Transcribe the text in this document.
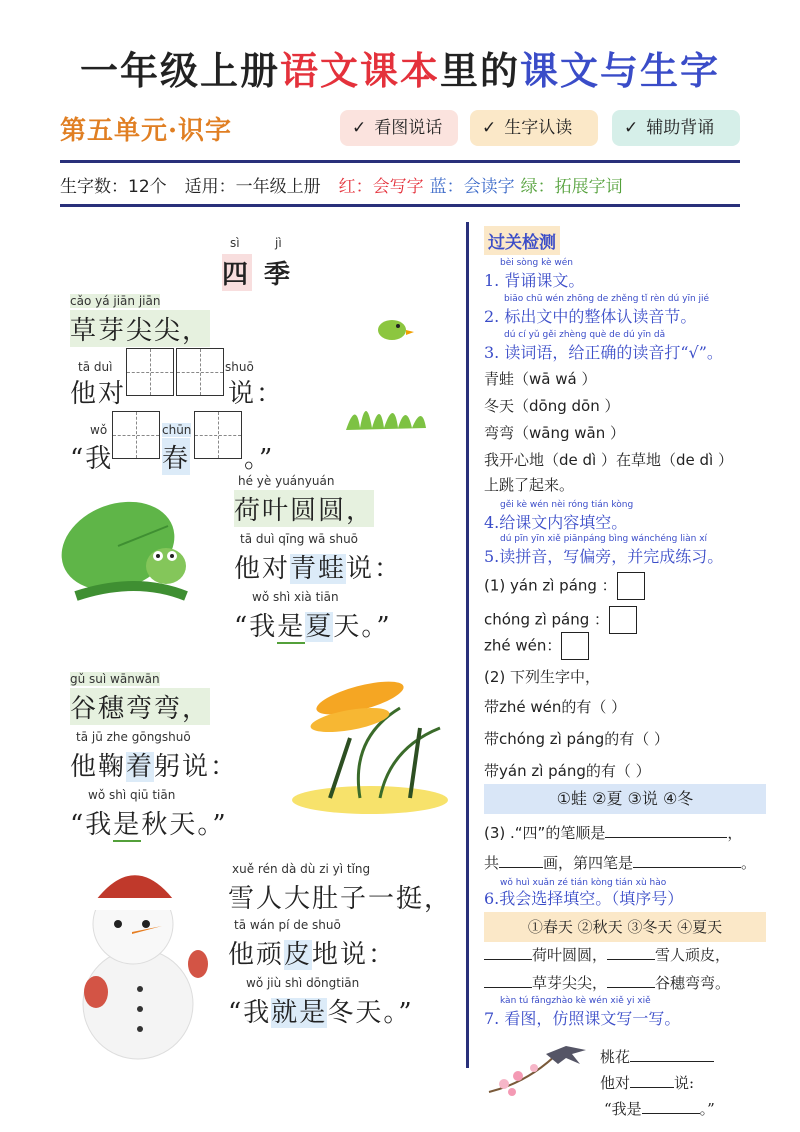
一年级上册语文课本里的课文与生字
第五单元·识字	✓ 看图说话	✓ 生字认读	✓ 辅助背诵
生字数：12个 适用：一年级上册 红：会写字 蓝：会读字 绿：拓展字词
sì	jì
四 季
cǎo yá jiān jiān
草芽尖尖，
tā duì
他对
shuō
说：
wǒ
“我
chūn
春 。”
hé yè yuányuán
荷叶圆圆，
tā duì qīng wā shuō
他对青蛙说：
wǒ shì xià tiān
“我是夏天。”
gǔ suì wānwān
谷穗弯弯，
tā jū zhe gōngshuō
他鞠着躬说：
wǒ shì qiū tiān
“我是秋天。”
xuě rén dà dù zi yì tǐng
雪人大肚子一挺，
tā wán pí de shuō
他顽皮地说：
wǒ jiù shì dōngtiān
“我就是冬天。”
过关检测
bèi sòng kè wén
1. 背诵课文。
biāo chū wén zhōng de zhěng tǐ rèn dú yīn jié
2. 标出文中的整体认读音节。
dú cí yǔ gěi zhèng què de dú yīn dǎ
3. 读词语，给正确的读音打“√”。
青蛙（wā wá ）
冬天（dōng dōn ）
弯弯（wāng wān ）
我开心地（de dì ）在草地（de dì ）
上跳了起来。
gěi kè wén nèi róng tián kòng
4.给课文内容填空。
dú pīn yīn xiě piānpáng bìng wánchéng liàn xí
5.读拼音，写偏旁，并完成练习。
(1) yán zì páng ：
chóng zì páng ：
zhé wén：
(2) 下列生字中，
带zhé wén的有（ ）
带chóng zì páng的有（ ）
带yán zì páng的有（ ）
①蛙 ②夏 ③说 ④冬
(3) .“四”的笔顺是	，
共	画，第四笔是	。
wǒ huì xuǎn zé tián kòng tián xù hào
6.我会选择填空。（填序号）
①春天 ②秋天 ③冬天 ④夏天
荷叶圆圆，	雪人顽皮，
草芽尖尖，	谷穗弯弯。
kàn tú fǎngzhào kè wén xiě yi xiě
7. 看图，仿照课文写一写。
桃花
他对	说:
“我是	。”
